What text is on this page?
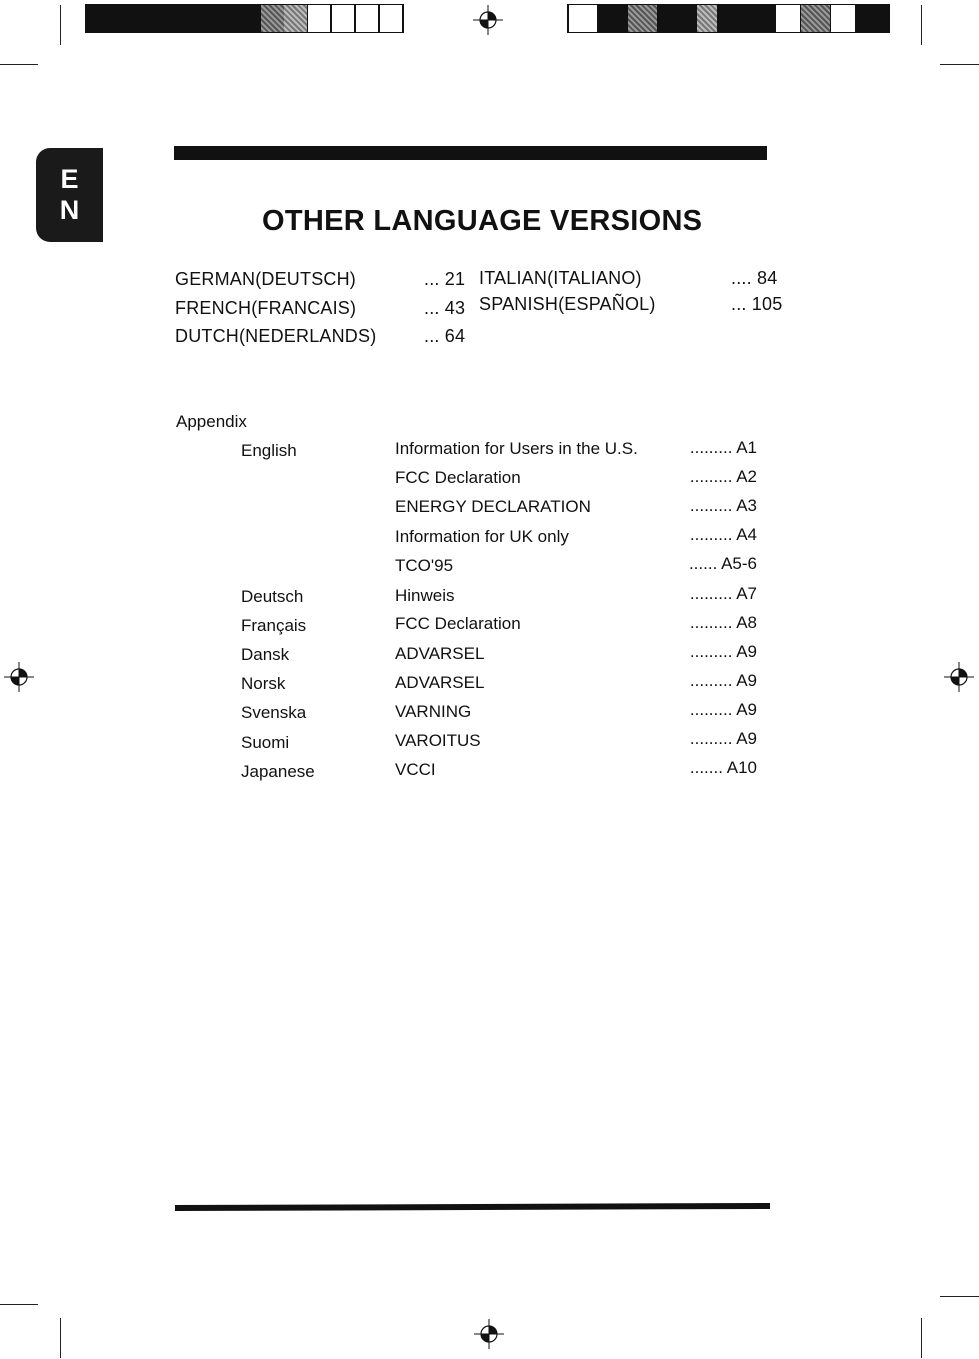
E
N	OTHER LANGUAGE VERSIONS
GERMAN(DEUTSCH)	... 21
FRENCH(FRANCAIS)	... 43
DUTCH(NEDERLANDS)	... 64
ITALIAN(ITALIANO)	.... 84
SPANISH(ESPAÑOL)	... 105
Appendix
English	Information for Users in the U.S.	......... A1
FCC Declaration	......... A2
ENERGY DECLARATION	......... A3
Information for UK only	......... A4
TCO'95	...... A5-6
Deutsch	Hinweis	......... A7
Français	FCC Declaration	......... A8
Dansk	ADVARSEL	......... A9
Norsk	ADVARSEL	......... A9
Svenska	VARNING	......... A9
Suomi	VAROITUS	......... A9
Japanese	VCCI	....... A10
